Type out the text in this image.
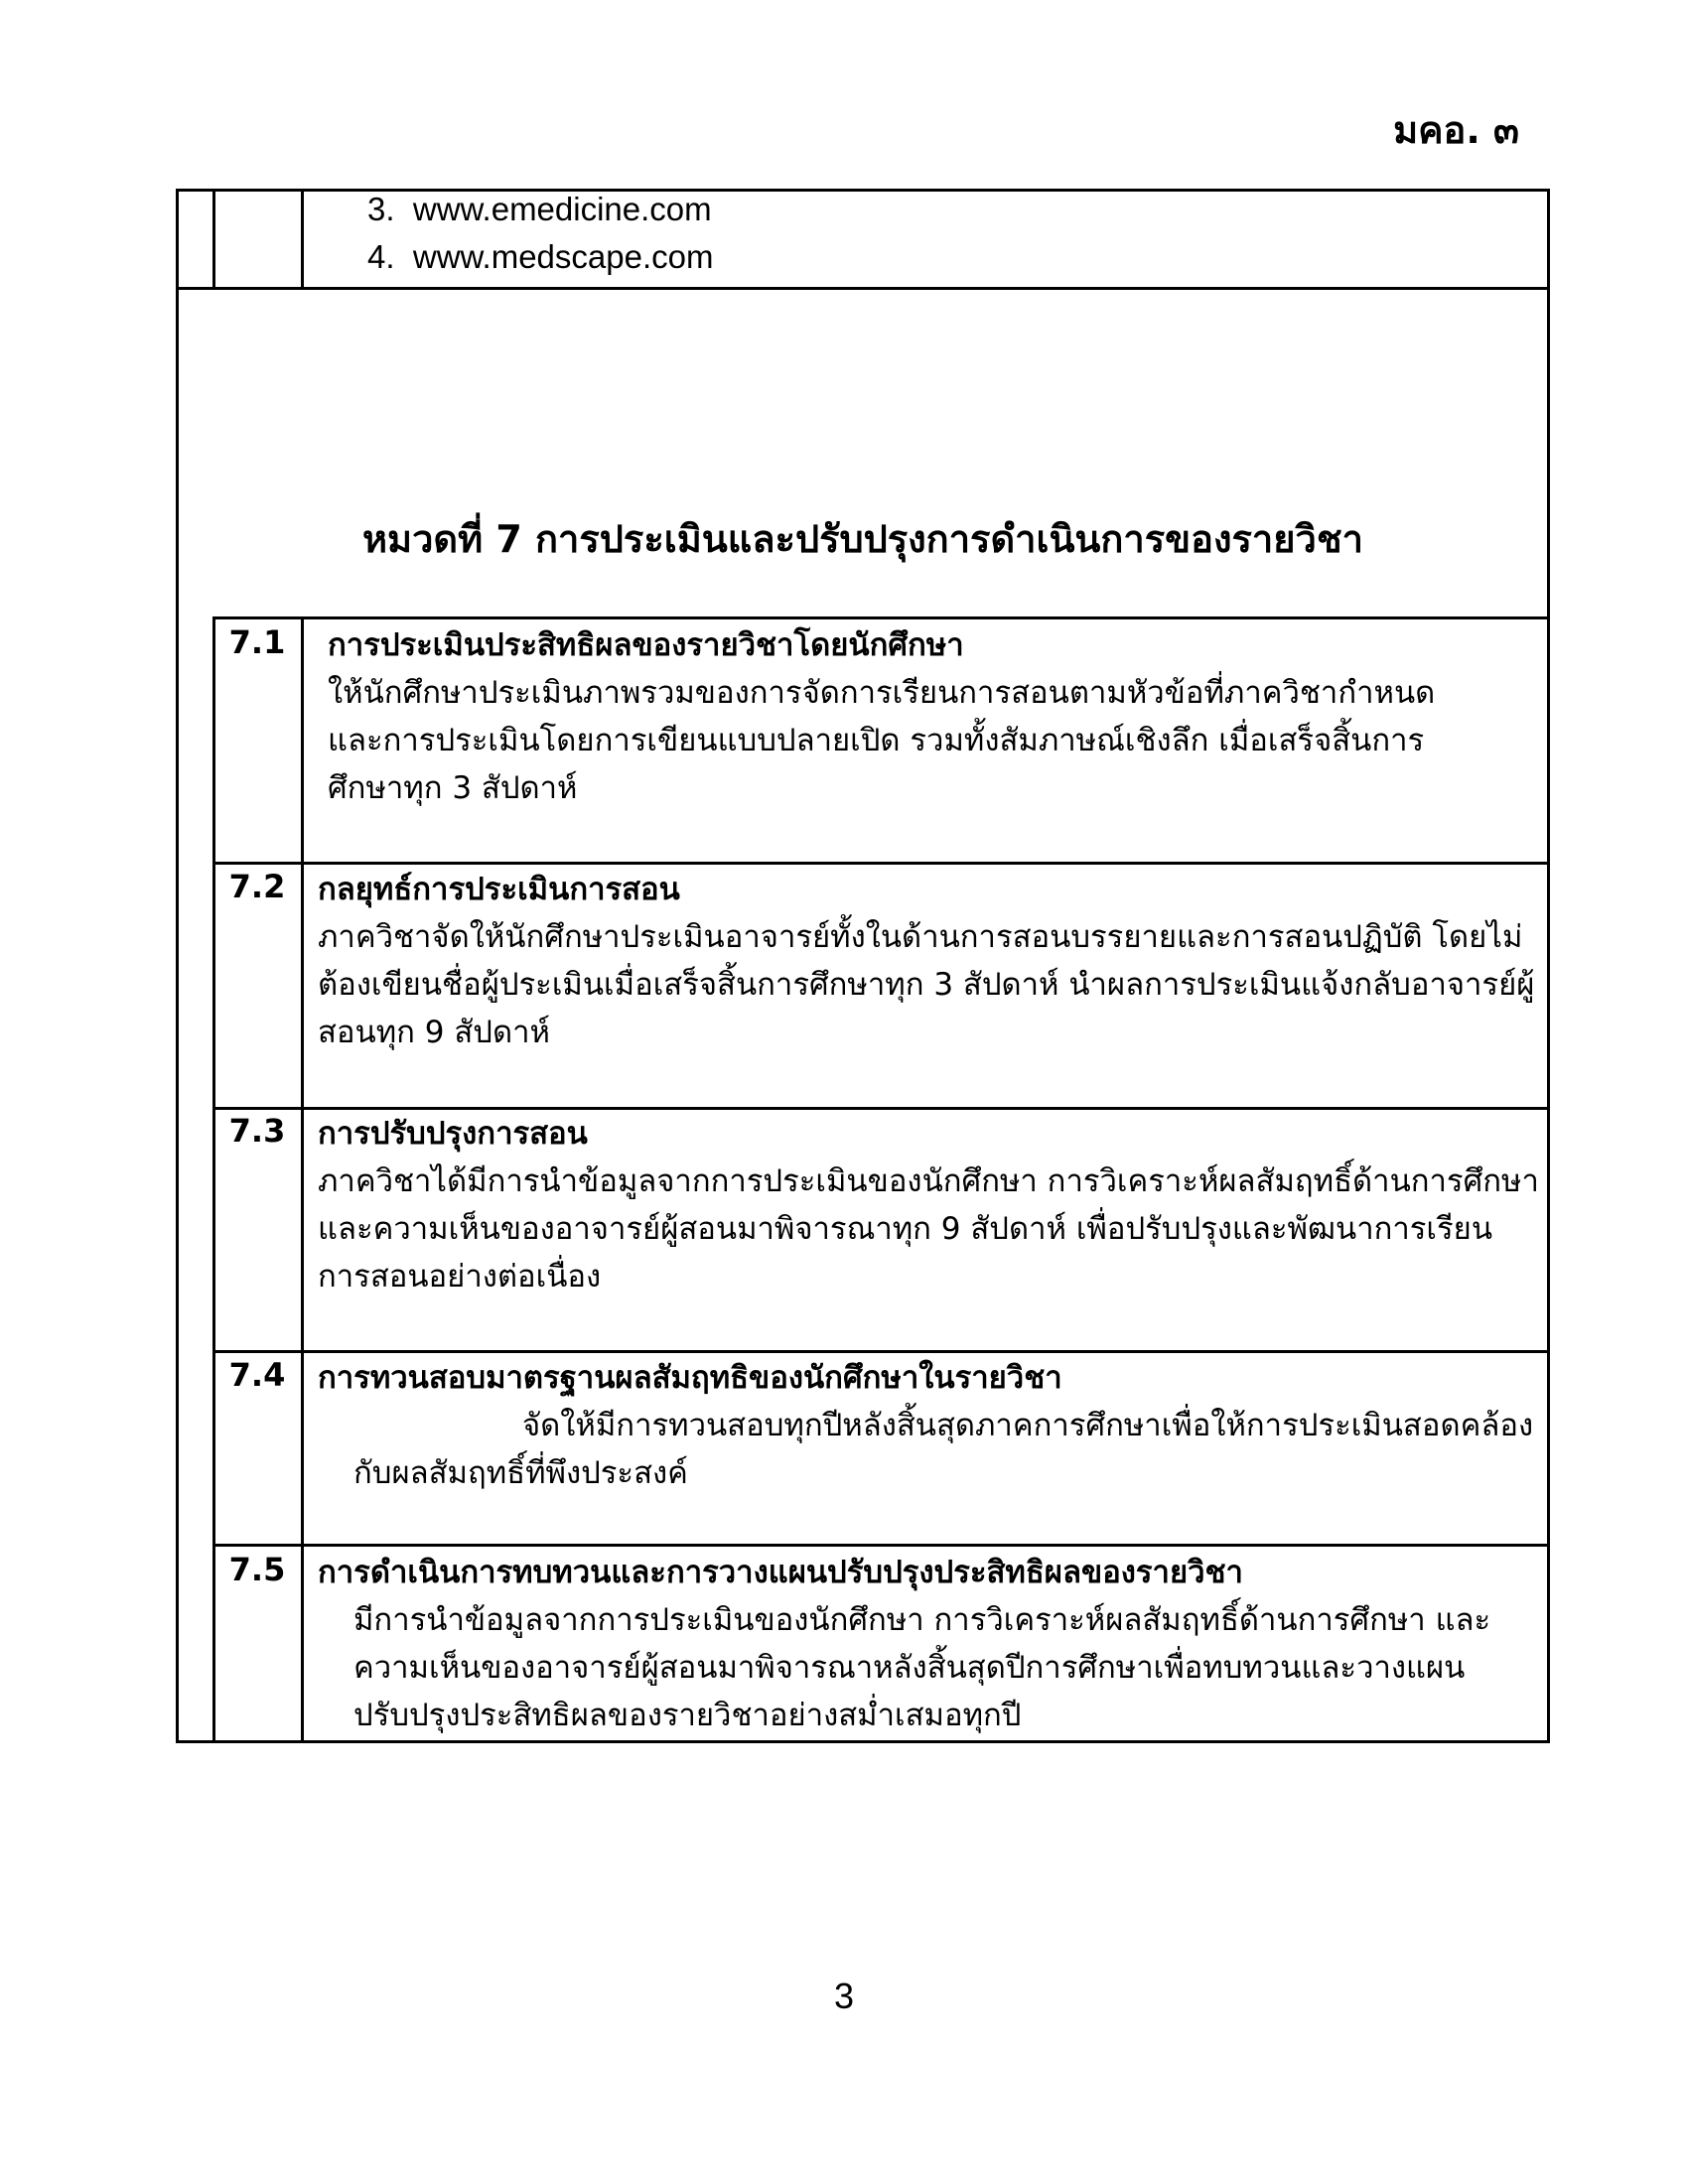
มคอ. ๓
3. www.emedicine.com
4. www.medscape.com
หมวดที่ 7 การประเมินและปรับปรุงการดำเนินการของรายวิชา
7.1	การประเมินประสิทธิผลของรายวิชาโดยนักศึกษา
ให้นักศึกษาประเมินภาพรวมของการจัดการเรียนการสอนตามหัวข้อที่ภาควิชากำหนด และการประเมินโดยการเขียนแบบปลายเปิด รวมทั้งสัมภาษณ์เชิงลึก เมื่อเสร็จสิ้นการศึกษาทุก 3 สัปดาห์
7.2	กลยุทธ์การประเมินการสอน
ภาควิชาจัดให้นักศึกษาประเมินอาจารย์ทั้งในด้านการสอนบรรยายและการสอนปฏิบัติ โดยไม่ต้องเขียนชื่อผู้ประเมินเมื่อเสร็จสิ้นการศึกษาทุก 3 สัปดาห์ นำผลการประเมินแจ้งกลับอาจารย์ผู้สอนทุก 9 สัปดาห์
7.3	การปรับปรุงการสอน
ภาควิชาได้มีการนำข้อมูลจากการประเมินของนักศึกษา การวิเคราะห์ผลสัมฤทธิ์ด้านการศึกษา และความเห็นของอาจารย์ผู้สอนมาพิจารณาทุก 9 สัปดาห์ เพื่อปรับปรุงและพัฒนาการเรียนการสอนอย่างต่อเนื่อง
7.4	การทวนสอบมาตรฐานผลสัมฤทธิของนักศึกษาในรายวิชา
จัดให้มีการทวนสอบทุกปีหลังสิ้นสุดภาคการศึกษาเพื่อให้การประเมินสอดคล้องกับผลสัมฤทธิ์ที่พึงประสงค์
7.5	การดำเนินการทบทวนและการวางแผนปรับปรุงประสิทธิผลของรายวิชา
มีการนำข้อมูลจากการประเมินของนักศึกษา การวิเคราะห์ผลสัมฤทธิ์ด้านการศึกษา และความเห็นของอาจารย์ผู้สอนมาพิจารณาหลังสิ้นสุดปีการศึกษาเพื่อทบทวนและวางแผนปรับปรุงประสิทธิผลของรายวิชาอย่างสม่ำเสมอทุกปี
3
